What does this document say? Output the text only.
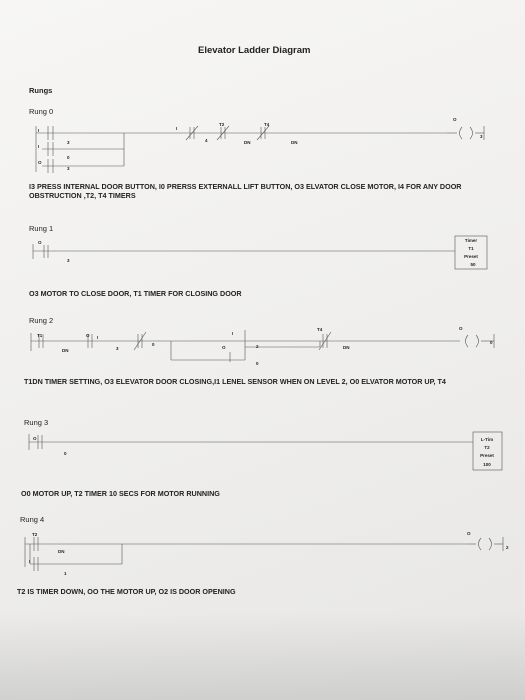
Elevator Ladder Diagram
Rungs
Rung 0
I3 PRESS INTERNAL DOOR BUTTON, I0 PRERSS EXTERNALL LIFT BUTTON, O3 ELVATOR CLOSE MOTOR, I4 FOR ANY DOOR OBSTRUCTION ,T2, T4 TIMERS
Rung 1
O3 MOTOR TO CLOSE DOOR, T1 TIMER FOR CLOSING DOOR
Rung 2
T1DN TIMER SETTING, O3 ELEVATOR DOOR CLOSING,I1 LENEL SENSOR WHEN ON LEVEL 2, O0 ELVATOR MOTOR UP, T4
Rung 3
O0 MOTOR UP, T2 TIMER 10 SECS FOR MOTOR RUNNING
Rung 4
T2 IS TIMER DOWN, OO THE MOTOR UP, O2 IS DOOR OPENING
I
3
I
0
O
3
I
4
T2
DN
T4
DN
O
3
O
3
Timer
T1
Preset
50
T1
DN
O
3
I
0
I
2
O
0
T4
DN
O
0
O
0
L-Tim
T2
Preset
100
T2
DN
I
1
O
2
